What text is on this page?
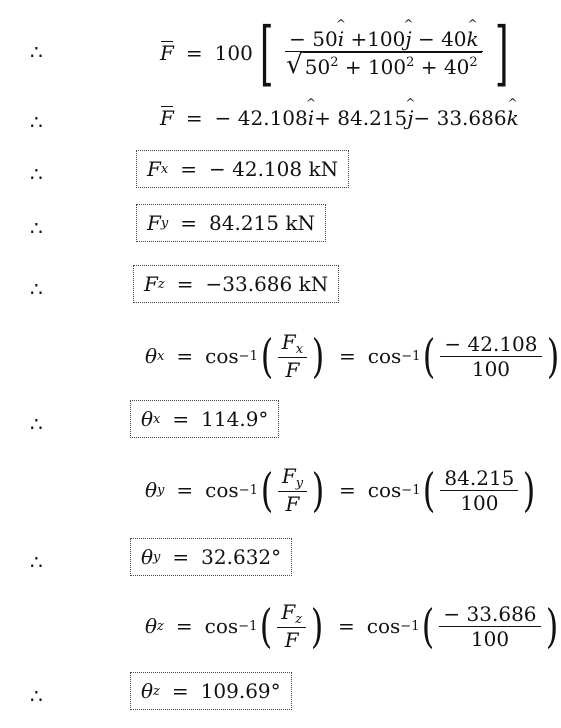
∴	F = 100 [ $\frac{- 50\^{} i +100\^{} j - 40\^{} k}{√ 50^2 + 100^2 + 40^2}$ ]
∴	F = − 42.108 ^ i + 84.215 ^ j − 33.686 ^ k
∴	F x = − 42.108 kN
∴	F y = 84.215 kN
∴	F z = −33.686 kN
θ x = cos −1 ( $\frac{F_x}{F}$ ) = cos −1 ( $\frac{- 42.108}{100}$ )
∴	θ x = 114.9°
θ y = cos −1 ( $\frac{F_y}{F}$ ) = cos −1 ( $\frac{84.215}{100}$ )
∴	θ y = 32.632°
θ z = cos −1 ( $\frac{F_z}{F}$ ) = cos −1 ( $\frac{- 33.686}{100}$ )
∴	θ z = 109.69°
